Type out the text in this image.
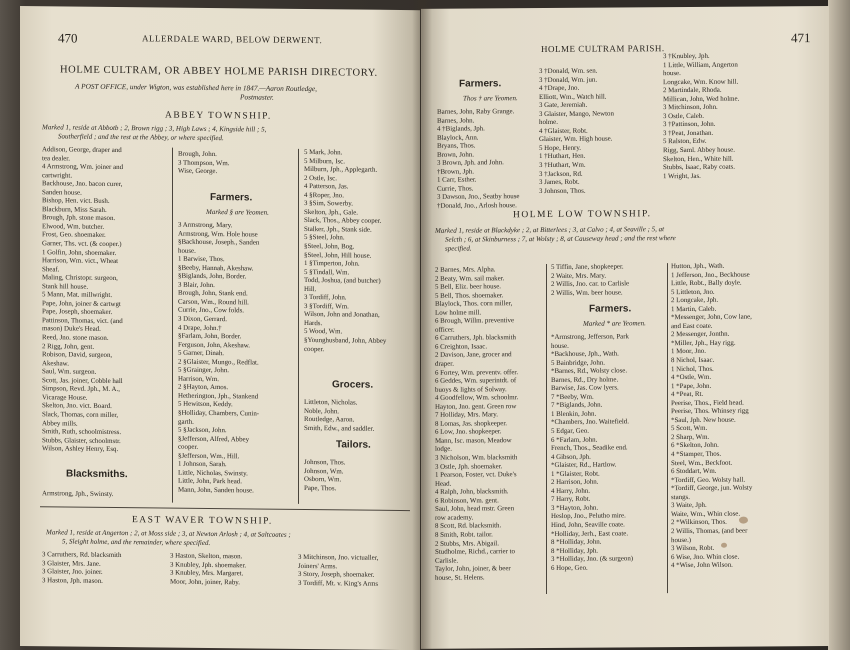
470	ALLERDALE WARD, BELOW DERWENT.
HOLME CULTRAM, OR ABBEY HOLME PARISH DIRECTORY.
A POST OFFICE, under Wigton, was established here in 1847.—Aaron Routledge,
Postmaster.
ABBEY TOWNSHIP.
Marked 1, reside at Abbotb ; 2, Brown rigg ; 3, High Laws ; 4, Kingside hill ; 5,
Southerfield ; and the rest at the Abbey, or where specified.
Addison, George, draper and
tea dealer.
4 Armstrong, Wm. joiner and
cartwright.
Backhouse, Jno. bacon curer,
Sanden house.
Bishop, Hen. vict. Bush.
Blackburn, Miss Sarah.
Brough, Jph. stone mason.
Elwood, Wm. butcher.
Frost, Geo. shoemaker.
Garner, Ths. vct. (& cooper.)
1 Golfin, John, shoemaker.
Harrison, Wm. vict., Wheat
Sheaf.
Maling, Christopr. surgeon,
Stank hill house.
5 Mann, Mat. millwright.
Pape, John, joiner & cartwgt
Pape, Joseph, shoemaker.
Pattinson, Thomas, vict. (and
mason) Duke's Head.
Reed, Jno. stone mason.
2 Rigg, John, gent.
Robison, David, surgeon,
Akeshaw.
Saul, Wm. surgeon.
Scott, Jas. joiner, Cobble hall
Simpson, Revd. Jph., M. A.,
Vicarage House.
Skelton, Jno. vict. Board.
Slack, Thomas, corn miller,
Abbey mills.
Smith, Ruth, schoolmistress.
Stubbs, Glaister, schoolmstr.
Wilson, Ashley Henry, Esq.
Blacksmiths.
Armstrong, Jph., Swinsty.
Brough, John.
3 Thompson, Wm.
Wise, George.
Farmers.
Marked § are Yeomen.
3 Armstrong, Mary.
Armstrong, Wm. Hole house
§Backhouse, Joseph., Sanden
house.
1 Barwise, Thos.
§Beeby, Hannah, Akeshaw.
§Biglands, John, Border.
3 Blair, John.
Brough, John, Stank end.
Carson, Wm., Round hill.
Currie, Jno., Cow folds.
3 Dixon, Gerrard.
4 Drape, John.†
§Farlam, John, Border.
Ferguson, John, Akeshaw.
5 Garner, Dinah.
2 §Glaister, Mungo., Redflat.
5 §Grainger, John.
Harrison, Wm.
2 §Hayton, Amos.
Hetherington, Jph., Stankend
5 Hewitson, Keddy.
§Holliday, Chambers, Cunin-
garth.
5 §Jackson, John.
§Jefferson, Alfred, Abbey
cooper.
§Jefferson, Wm., Hill.
1 Johnson, Sarah.
Little, Nicholas, Swinsty.
Little, John, Park head.
Mann, John, Sanden house.
5 Mark, John.
5 Milburn, Isc.
Milburn, Jph., Applegarth.
2 Ostle, Isc.
4 Patterson, Jas.
4 §Roper, Jno.
3 §Sim, Sowerby.
Skelton, Jph., Gale.
Slack, Thos., Abbey cooper.
Stalker, Jph., Stank side.
5 §Steel, John.
§Steel, John, Bog.
§Steel, John, Hill house.
1 §Timperton, John.
5 §Tindall, Wm.
Todd, Joshua, (and butcher)
Hill.
3 Tordiff, John.
3 §Tordiff, Wm.
Wilson, John and Jonathan,
Hards.
5 Wood, Wm.
§Younghusband, John, Abbey
cooper.
Grocers.
Littleton, Nicholas.
Noble, John.
Routledge, Aaron.
Smith, Edw., and saddler.
Tailors.
Johnson, Thos.
Johnson, Wm.
Osborn, Wm.
Pape, Thos.
EAST WAVER TOWNSHIP.
Marked 1, reside at Angerton ; 2, at Moss side ; 3, at Newton Arlosh ; 4, at Saltcoates ;
5, Sleight holme, and the remainder, where specified.
3 Carruthers, Rd. blacksmith
3 Glaister, Mrs. Jane.
3 Glaister, Jno. joiner.
3 Haston, Jph. mason.
3 Haston, Skelton, mason.
3 Knubley, Jph. shoemaker.
3 Knubley, Mrs. Margaret.
Moor, John, joiner, Raby.
3 Mitchinson, Jno. victualler,
Joiners' Arms.
3 Story, Joseph, shoemaker.
3 Tordiff, Mt. v. King's Arms
471
HOLME CULTRAM PARISH.
Farmers.
Thos † are Yeomen.
Barnes, John, Raby Grange.
Barnes, John.
4 †Biglands, Jph.
Blaylock, Ann.
Bryans, Thos.
Brown, John.
3 Brown, Jph. and John.
†Brown, Jph.
1 Carr, Esther.
Currie, Thos.
3 Dawson, Jno., Seatby house
†Donald, Jno., Arlosh house.
3 †Donald, Wm. sen.
3 †Donald, Wm. jun.
4 †Drape, Jno.
Elliott, Wm., Watch hill.
3 Gate, Jeremiah.
3 Glaister, Mango, Newton
holme.
4 †Glaister, Robt.
Glaister, Wm. High house.
5 Hope, Henry.
1 †Huthart, Hen.
3 †Huthart, Wm.
3 †Jackson, Rd.
3 James, Robt.
3 Johnson, Thos.
3 †Knubley, Jph.
1 Little, William, Angerton
house.
Longcake, Wm. Know hill.
2 Martindale, Rhoda.
Millican, John, Wed holme.
3 Mitchinson, John.
3 Ostle, Caleb.
3 †Pattinson, John.
3 †Peat, Jonathan.
5 Ralston, Edw.
Rigg, Saml. Abbey house.
Skelton, Hen., White hill.
Stubbs, Isaac, Raby coats.
1 Wright, Jas.
HOLME LOW TOWNSHIP.
Marked 1, reside at Blackdyke ; 2, at Bitterlees ; 3, at Calvo ; 4, at Seaville ; 5, at
Selcth ; 6, at Skinburness ; 7, at Wolsty ; 8, at Causeway head ; and the rest where
specified.
2 Barnes, Mrs. Alpha.
2 Beaty, Wm. sail maker.
5 Bell, Eliz. beer house.
5 Bell, Thos. shoemaker.
Blaylock, Thos. corn miller,
Low holme mill.
6 Brough, Willm. preventive
officer.
6 Carruthers, Jph. blacksmith
6 Creighton, Isaac.
2 Davison, Jane, grocer and
draper.
6 Fortey, Wm. preventv. offer.
6 Geddes, Wm. superintdt. of
buoys & lights of Solway.
4 Goodfellow, Wm. schoolmr.
Hayton, Jno. gent. Green row
7 Holliday, Mrs. Mary.
8 Lomas, Jas. shopkeeper.
6 Low, Jno. shopkeeper.
Mann, Isc. mason, Meadow
lodge.
3 Nicholson, Wm. blacksmith
3 Ostle, Jph. shoemaker.
1 Pearson, Foster, vct. Duke's
Head.
4 Ralph, John, blacksmith.
6 Robinson, Wm. gent.
Saul, John, head mstr. Green
row academy.
8 Scott, Rd. blacksmith.
8 Smith, Robt. tailor.
2 Stubbs, Mrs. Abigail.
Studholme, Richd., carrier to
Carlisle.
Taylor, John, joiner, & beer
house, St. Helens.
5 Tiffin, Jane, shopkeeper.
2 Waite, Mrs. Mary.
2 Willis, Jno. car. to Carlisle
2 Willis, Wm. beer house.
Farmers.
Marked * are Yeomen.
*Armstrong, Jefferson, Park
house.
*Backhouse, Jph., Wath.
5 Bainbridge, John.
*Barnes, Rd., Wolsty close.
Barnes, Rd., Dry holme.
Barwise, Jas. Cow lyers.
7 *Beeby, Wm.
7 *Biglands, John.
1 Blenkin, John.
*Chambers, Jno. Waitefield.
5 Edgar, Geo.
6 *Farlam, John.
French, Thos., Seadike end.
4 Gibson, Jph.
*Glaister, Rd., Hartlow.
1 *Glaister, Robt.
2 Harrison, John.
4 Harry, John.
7 Harry, Robt.
3 *Hayton, John.
Heslop, Jno., Pelutho mire.
Hind, John, Seaville coate.
*Holliday, Jerh., East coate.
8 *Holliday, John.
8 *Holliday, Jph.
3 *Holliday, Jno. (& surgeon)
6 Hope, Geo.
Hutton, Jph., Wath.
1 Jefferson, Jno., Beckhouse
Little, Robt., Bally doyle.
5 Littleton, Jno.
2 Longcake, Jph.
1 Martin, Caleb.
*Messenger, John, Cow lane,
and East coate.
2 Messenger, Jonthn.
*Miller, Jph., Hay rigg.
1 Moor, Jno.
8 Nichol, Isaac.
1 Nichol, Thos.
4 *Ostle, Wm.
1 *Pape, John.
4 *Peat, Rt.
Peerise, Thos., Field head.
Peerise, Thos. Whinsey rigg
*Saul, Jph. New house.
5 Scott, Wm.
2 Sharp, Wm.
6 *Skelton, John.
4 *Stamper, Thos.
Steel, Wm., Beckfoot.
6 Stoddart, Wm.
*Tordiff, Geo. Wolsty hall.
*Tordiff, George, jun. Wolsty
stangs.
3 Waite, Jph.
Waite, Wm., Whin close.
2 *Wilkinson, Thos.
2 Willis, Thomas, (and beer
house.)
3 Wilson, Robt.
6 Wise, Jno. Whin close.
4 *Wise, John Wilson.
